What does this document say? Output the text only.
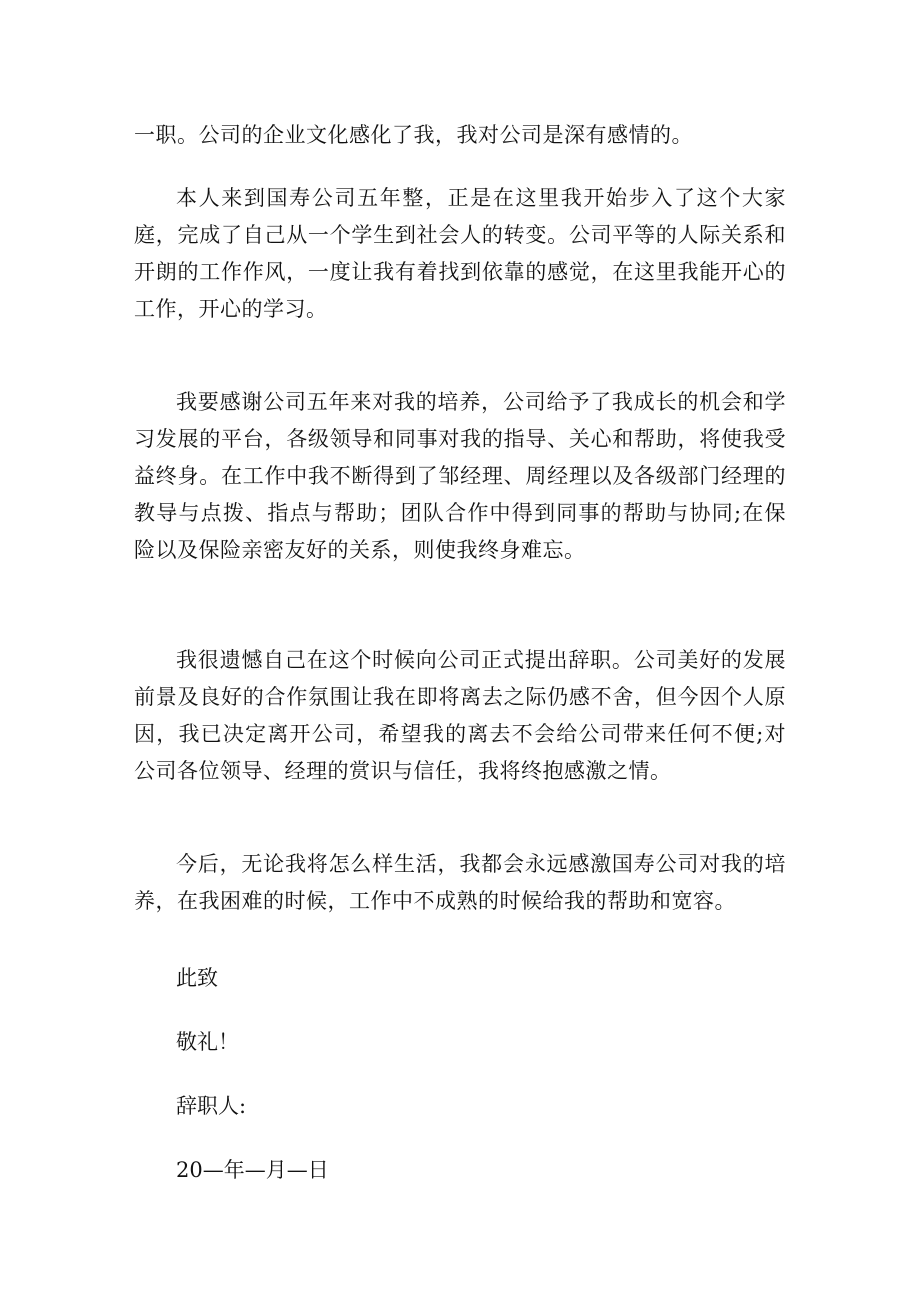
一职。公司的企业文化感化了我，我对公司是深有感情的。

本人来到国寿公司五年整，正是在这里我开始步入了这个大家庭，完成了自己从一个学生到社会人的转变。公司平等的人际关系和开朗的工作作风，一度让我有着找到依靠的感觉，在这里我能开心的工作，开心的学习。

我要感谢公司五年来对我的培养，公司给予了我成长的机会和学习发展的平台，各级领导和同事对我的指导、关心和帮助，将使我受益终身。在工作中我不断得到了邹经理、周经理以及各级部门经理的教导与点拨、指点与帮助；团队合作中得到同事的帮助与协同;在保险以及保险亲密友好的关系，则使我终身难忘。

我很遗憾自己在这个时候向公司正式提出辞职。公司美好的发展前景及良好的合作氛围让我在即将离去之际仍感不舍，但今因个人原因，我已决定离开公司，希望我的离去不会给公司带来任何不便;对公司各位领导、经理的赏识与信任，我将终抱感激之情。

今后，无论我将怎么样生活，我都会永远感激国寿公司对我的培养，在我困难的时候，工作中不成熟的时候给我的帮助和宽容。

此致

敬礼！

辞职人:

20—年—月—日
